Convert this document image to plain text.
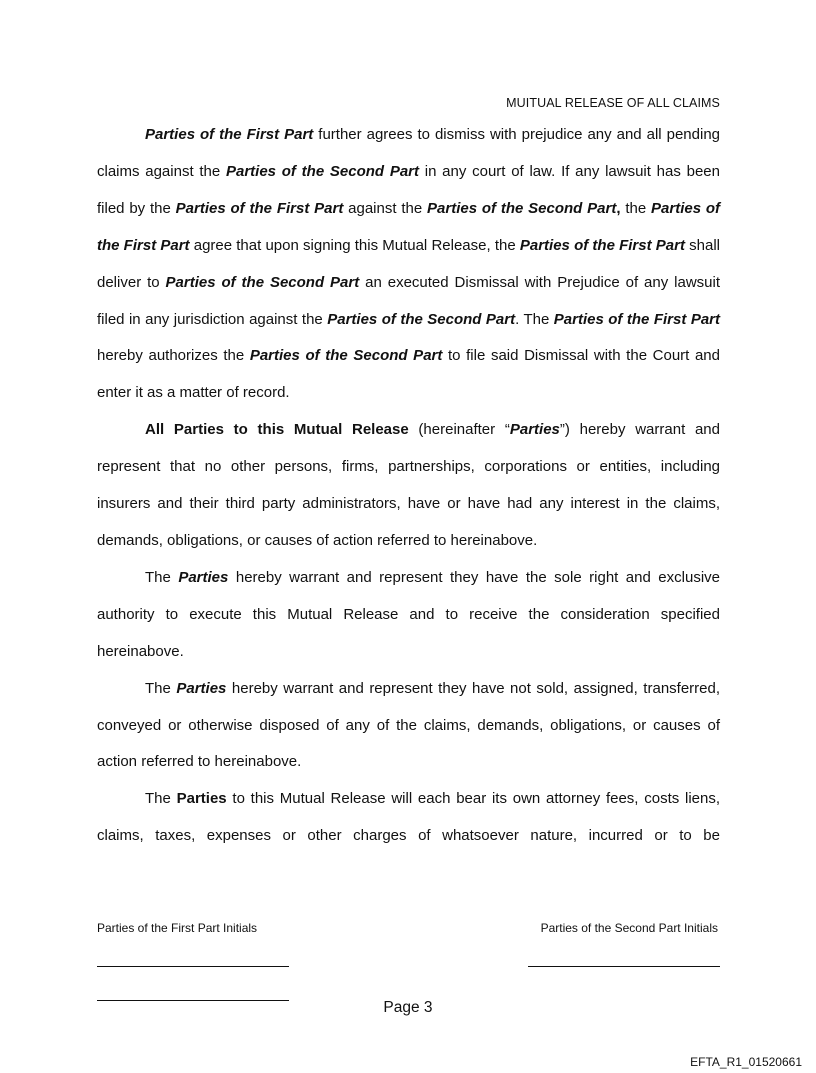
MUITUAL RELEASE OF ALL CLAIMS

Parties of the First Part further agrees to dismiss with prejudice any and all pending claims against the Parties of the Second Part in any court of law. If any lawsuit has been filed by the Parties of the First Part against the Parties of the Second Part, the Parties of the First Part agree that upon signing this Mutual Release, the Parties of the First Part shall deliver to Parties of the Second Part an executed Dismissal with Prejudice of any lawsuit filed in any jurisdiction against the Parties of the Second Part. The Parties of the First Part hereby authorizes the Parties of the Second Part to file said Dismissal with the Court and enter it as a matter of record.

All Parties to this Mutual Release (hereinafter “Parties”) hereby warrant and represent that no other persons, firms, partnerships, corporations or entities, including insurers and their third party administrators, have or have had any interest in the claims, demands, obligations, or causes of action referred to hereinabove.

The Parties hereby warrant and represent they have the sole right and exclusive authority to execute this Mutual Release and to receive the consideration specified hereinabove.

The Parties hereby warrant and represent they have not sold, assigned, transferred, conveyed or otherwise disposed of any of the claims, demands, obligations, or causes of action referred to hereinabove.

The Parties to this Mutual Release will each bear its own attorney fees, costs liens, claims, taxes, expenses or other charges of whatsoever nature, incurred or to be

Parties of the First Part Initials	Parties of the Second Part Initials
Page 3
EFTA_R1_01520661
